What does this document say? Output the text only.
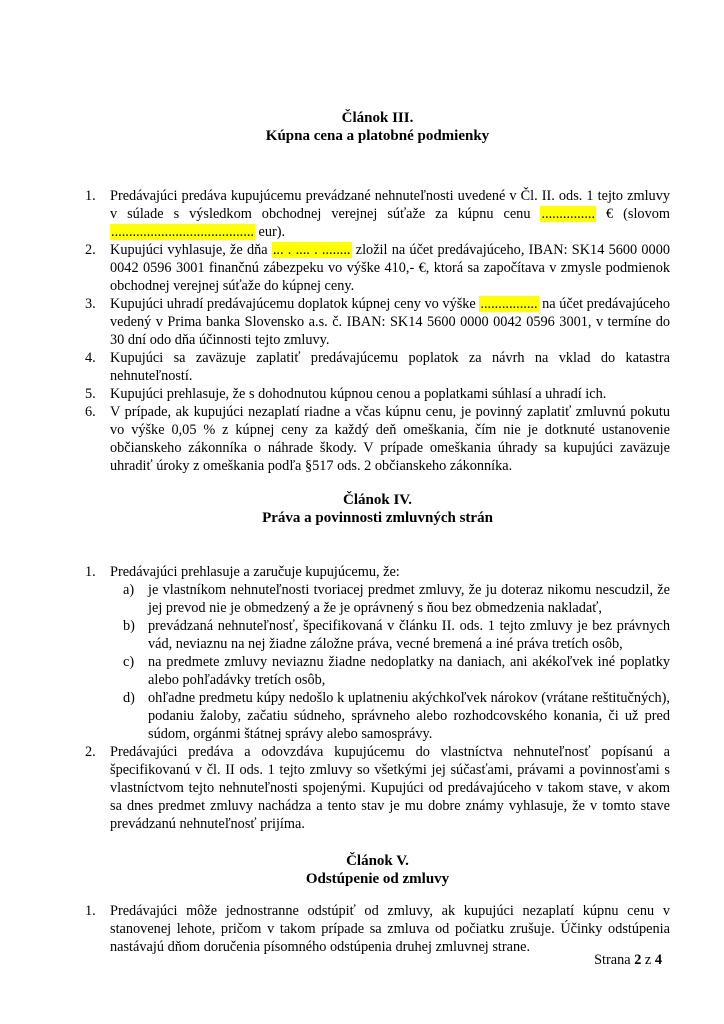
Článok III.
Kúpna cena a platobné podmienky
1. Predávajúci predáva kupujúcemu prevádzané nehnuteľnosti uvedené v Čl. II. ods. 1 tejto zmluvy v súlade s výsledkom obchodnej verejnej súťaže za kúpnu cenu ............... € (slovom ........................................ eur).
2. Kupujúci vyhlasuje, že dňa ... . .... . ........ zložil na účet predávajúceho, IBAN: SK14 5600 0000 0042 0596 3001 finančnú zábezpeku vo výške 410,- €, ktorá sa započítava v zmysle podmienok obchodnej verejnej súťaže do kúpnej ceny.
3. Kupujúci uhradí predávajúcemu doplatok kúpnej ceny vo výške ................ na účet predávajúceho vedený v Prima banka Slovensko a.s. č. IBAN: SK14 5600 0000 0042 0596 3001, v termíne do 30 dní odo dňa účinnosti tejto zmluvy.
4. Kupujúci sa zaväzuje zaplatiť predávajúcemu poplatok za návrh na vklad do katastra nehnuteľností.
5. Kupujúci prehlasuje, že s dohodnutou kúpnou cenou a poplatkami súhlasí a uhradí ich.
6. V prípade, ak kupujúci nezaplatí riadne a včas kúpnu cenu, je povinný zaplatiť zmluvnú pokutu vo výške 0,05 % z kúpnej ceny za každý deň omeškania, čím nie je dotknuté ustanovenie občianskeho zákonníka o náhrade škody. V prípade omeškania úhrady sa kupujúci zaväzuje uhradiť úroky z omeškania podľa §517 ods. 2 občianskeho zákonníka.
Článok IV.
Práva a povinnosti zmluvných strán
1. Predávajúci prehlasuje a zaručuje kupujúcemu, že:
a) je vlastníkom nehnuteľnosti tvoriacej predmet zmluvy, že ju doteraz nikomu nescudzil, že jej prevod nie je obmedzený a že je oprávnený s ňou bez obmedzenia nakladať,
b) prevádzaná nehnuteľnosť, špecifikovaná v článku II. ods. 1 tejto zmluvy je bez právnych vád, neviaznu na nej žiadne záložne práva, vecné bremená a iné práva tretích osôb,
c) na predmete zmluvy neviaznu žiadne nedoplatky na daniach, ani akékoľvek iné poplatky alebo pohľadávky tretích osôb,
d) ohľadne predmetu kúpy nedošlo k uplatneniu akýchkoľvek nárokov (vrátane reštitučných), podaniu žaloby, začatiu súdneho, správneho alebo rozhodcovského konania, či už pred súdom, orgánmi štátnej správy alebo samosprávy.
2. Predávajúci predáva a odovzdáva kupujúcemu do vlastníctva nehnuteľnosť popísanú a špecifikovanú v čl. II ods. 1 tejto zmluvy so všetkými jej súčasťami, právami a povinnosťami s vlastníctvom tejto nehnuteľnosti spojenými. Kupujúci od predávajúceho v takom stave, v akom sa dnes predmet zmluvy nachádza a tento stav je mu dobre známy vyhlasuje, že v tomto stave prevádzanú nehnuteľnosť prijíma.
Článok V.
Odstúpenie od zmluvy
1. Predávajúci môže jednostranne odstúpiť od zmluvy, ak kupujúci nezaplatí kúpnu cenu v stanovenej lehote, pričom v takom prípade sa zmluva od počiatku zrušuje. Účinky odstúpenia nastávajú dňom doručenia písomného odstúpenia druhej zmluvnej strane.
Strana 2 z 4
